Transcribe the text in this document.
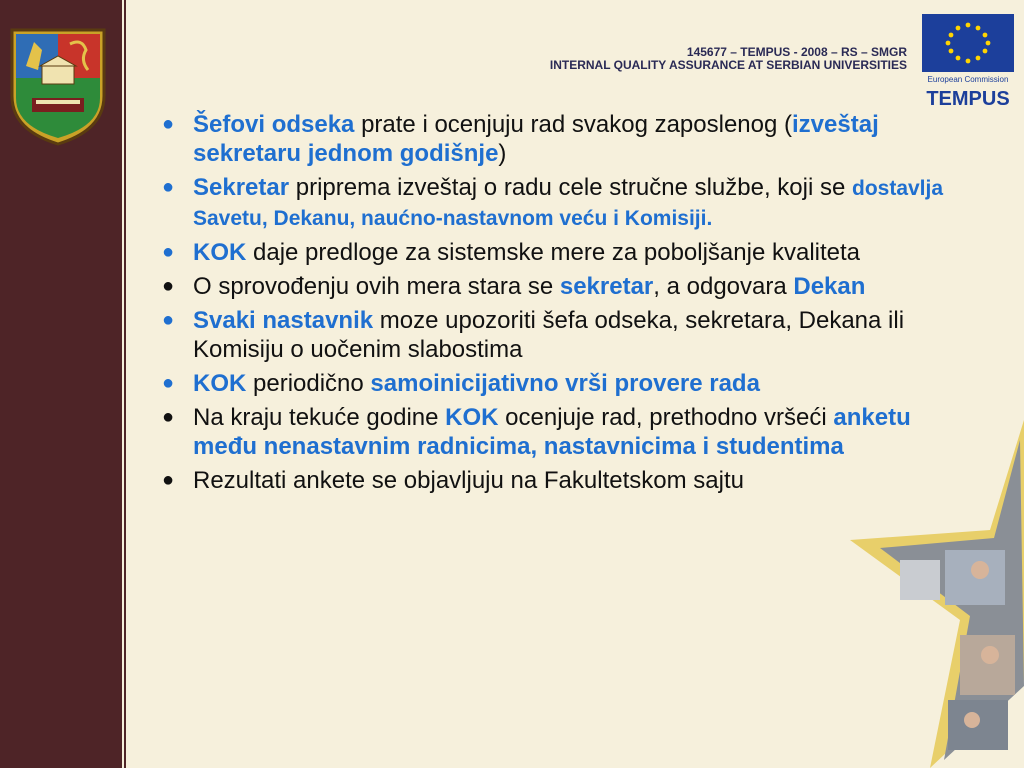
145677 – TEMPUS - 2008 – RS – SMGR
INTERNAL QUALITY ASSURANCE AT SERBIAN UNIVERSITIES
European Commission
TEMPUS
● Šefovi odseka prate i ocenjuju rad svakog zaposlenog (izveštaj sekretaru jednom godišnje)
● Sekretar priprema izveštaj o radu cele stručne službe, koji se dostavlja Savetu, Dekanu, naućno-nastavnom veću i Komisiji.
● KOK daje predloge za sistemske mere za poboljšanje kvaliteta
● O sprovođenju ovih mera stara se sekretar, a odgovara Dekan
● Svaki nastavnik moze upozoriti šefa odseka, sekretara, Dekana ili Komisiju o uočenim slabostima
● KOK periodično samoinicijativno vrši provere rada
● Na kraju tekuće godine KOK ocenjuje rad, prethodno vršeći anketu među nenastavnim radnicima, nastavnicima i studentima
● Rezultati ankete se objavljuju na Fakultetskom sajtu
